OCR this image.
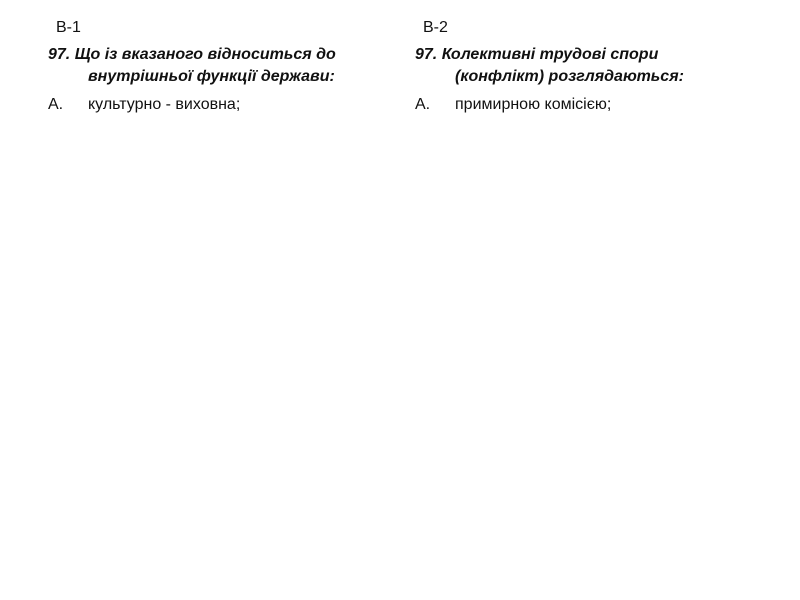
В-1
97. Що із вказаного відноситься до
внутрішньої функції держави:
А.	культурно - виховна;
В-2
97. Колективні трудові спори
(конфлікт) розглядаються:
А.	примирною комісією;
